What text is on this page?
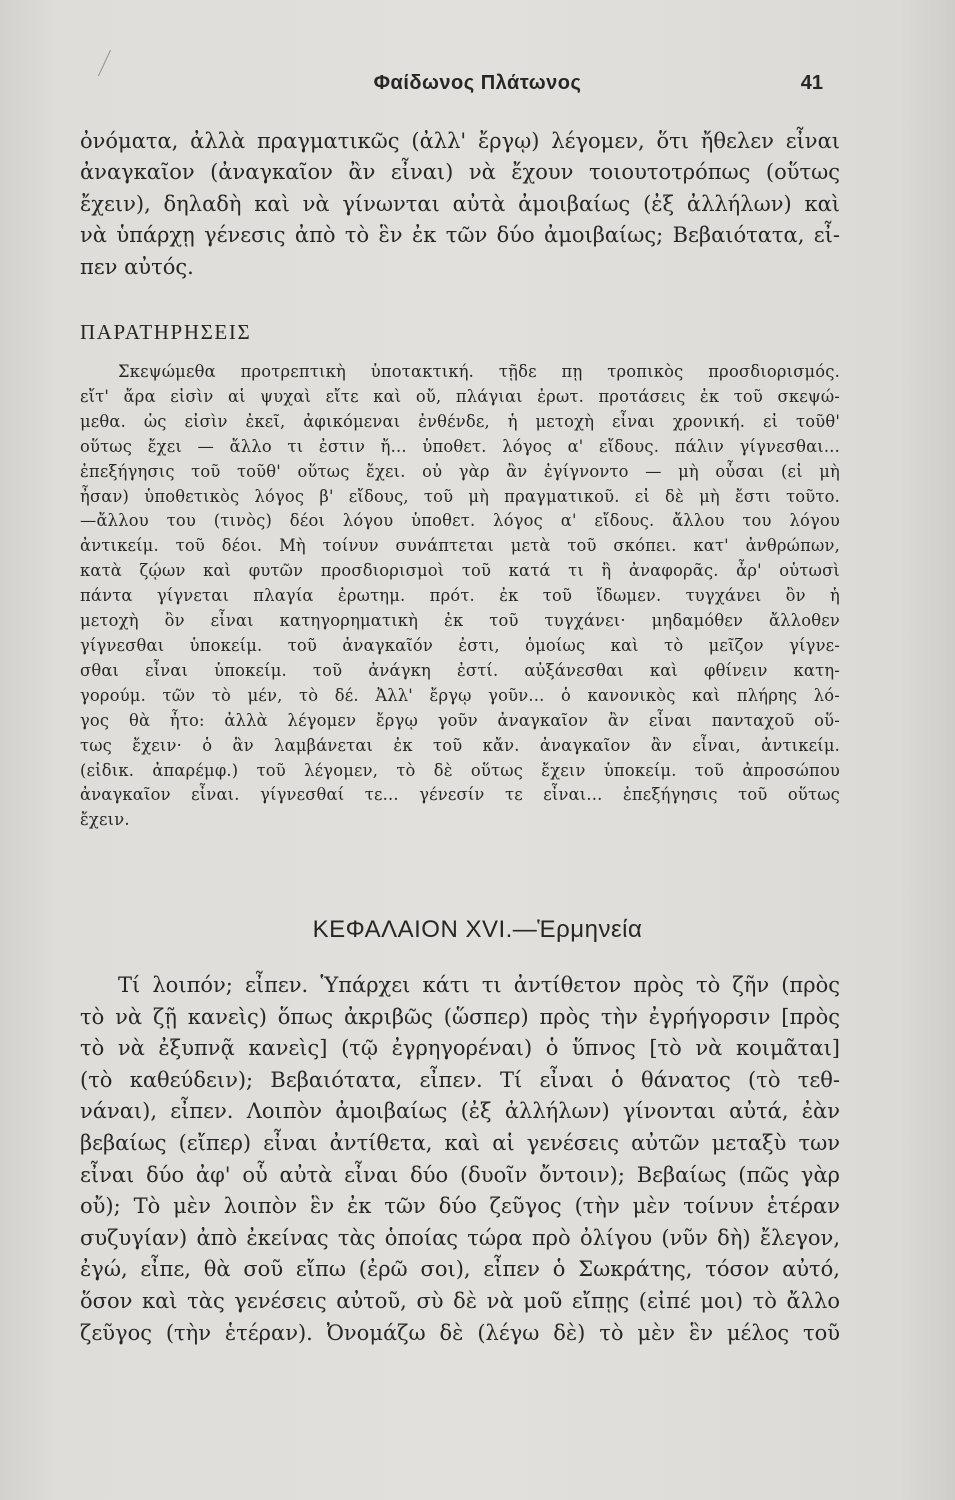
Φαίδωνος Πλάτωνος	41
ὀνόματα, ἀλλὰ πραγματικῶς (ἀλλ' ἔργῳ) λέγομεν, ὅτι ἤθελεν εἶναι
ἀναγκαῖον (ἀναγκαῖον ἂν εἶναι) νὰ ἔχουν τοιουτοτρόπως (οὕτως
ἔχειν), δηλαδὴ καὶ νὰ γίνωνται αὐτὰ ἀμοιβαίως (ἐξ ἀλλήλων) καὶ
νὰ ὑπάρχῃ γένεσις ἀπὸ τὸ ἓν ἐκ τῶν δύο ἀμοιβαίως; Βεβαιότατα, εἶ-
πεν αὐτός.
ΠΑΡΑΤΗΡΗΣΕΙΣ
Σκεψώμεθα προτρεπτικὴ ὑποτακτική. τῇδε πῃ τροπικὸς προσδιορισμός.
εἴτ' ἄρα εἰσὶν αἱ ψυχαὶ εἴτε καὶ οὔ, πλάγιαι ἐρωτ. προτάσεις ἐκ τοῦ σκεψώ-
μεθα. ὡς εἰσὶν ἐκεῖ, ἀφικόμεναι ἐνθένδε, ἡ μετοχὴ εἶναι χρονική. εἰ τοῦθ'
οὕτως ἔχει — ἄλλο τι ἐστιν ἤ... ὑποθετ. λόγος α' εἴδους. πάλιν γίγνεσθαι...
ἐπεξήγησις τοῦ τοῦθ' οὕτως ἔχει. οὐ γὰρ ἂν ἐγίγνοντο — μὴ οὖσαι (εἰ μὴ
ἦσαν) ὑποθετικὸς λόγος β' εἴδους, τοῦ μὴ πραγματικοῦ. εἰ δὲ μὴ ἔστι τοῦτο.
—ἄλλου του (τινὸς) δέοι λόγου ὑποθετ. λόγος α' εἴδους. ἄλλου του λόγου
ἀντικείμ. τοῦ δέοι. Μὴ τοίνυν συνάπτεται μετὰ τοῦ σκόπει. κατ' ἀνθρώπων,
κατὰ ζῴων καὶ φυτῶν προσδιορισμοὶ τοῦ κατά τι ἢ ἀναφορᾶς. ἆρ' οὑτωσὶ
πάντα γίγνεται πλαγία ἐρωτημ. πρότ. ἐκ τοῦ ἴδωμεν. τυγχάνει ὂν ἡ
μετοχὴ ὂν εἶναι κατηγορηματικὴ ἐκ τοῦ τυγχάνει· μηδαμόθεν ἄλλοθεν
γίγνεσθαι ὑποκείμ. τοῦ ἀναγκαῖόν ἐστι, ὁμοίως καὶ τὸ μεῖζον γίγνε-
σθαι εἶναι ὑποκείμ. τοῦ ἀνάγκη ἐστί. αὐξάνεσθαι καὶ φθίνειν κατη-
γορούμ. τῶν τὸ μέν, τὸ δέ. Ἀλλ' ἔργῳ γοῦν... ὁ κανονικὸς καὶ πλήρης λό-
γος θὰ ἦτο: ἀλλὰ λέγομεν ἔργῳ γοῦν ἀναγκαῖον ἂν εἶναι πανταχοῦ οὕ-
τως ἔχειν· ὁ ἂν λαμβάνεται ἐκ τοῦ κἄν. ἀναγκαῖον ἂν εἶναι, ἀντικείμ.
(εἰδικ. ἀπαρέμφ.) τοῦ λέγομεν, τὸ δὲ οὕτως ἔχειν ὑποκείμ. τοῦ ἀπροσώπου
ἀναγκαῖον εἶναι. γίγνεσθαί τε... γένεσίν τε εἶναι... ἐπεξήγησις τοῦ οὕτως
ἔχειν.
ΚΕΦΑΛΑΙΟΝ XVI.—Ἑρμηνεία
Τί λοιπόν; εἶπεν. Ὑπάρχει κάτι τι ἀντίθετον πρὸς τὸ ζῆν (πρὸς
τὸ νὰ ζῇ κανεὶς) ὅπως ἀκριβῶς (ὥσπερ) πρὸς τὴν ἐγρήγορσιν [πρὸς
τὸ νὰ ἐξυπνᾷ κανεὶς] (τῷ ἐγρηγορέναι) ὁ ὕπνος [τὸ νὰ κοιμᾶται]
(τὸ καθεύδειν); Βεβαιότατα, εἶπεν. Τί εἶναι ὁ θάνατος (τὸ τεθ-
νάναι), εἶπεν. Λοιπὸν ἀμοιβαίως (ἐξ ἀλλήλων) γίνονται αὐτά, ἐὰν
βεβαίως (εἴπερ) εἶναι ἀντίθετα, καὶ αἱ γενέσεις αὐτῶν μεταξὺ των
εἶναι δύο ἀφ' οὗ αὐτὰ εἶναι δύο (δυοῖν ὄντοιν); Βεβαίως (πῶς γὰρ
οὔ); Τὸ μὲν λοιπὸν ἓν ἐκ τῶν δύο ζεῦγος (τὴν μὲν τοίνυν ἑτέραν
συζυγίαν) ἀπὸ ἐκείνας τὰς ὁποίας τώρα πρὸ ὀλίγου (νῦν δὴ) ἔλεγον,
ἐγώ, εἶπε, θὰ σοῦ εἴπω (ἐρῶ σοι), εἶπεν ὁ Σωκράτης, τόσον αὐτό,
ὅσον καὶ τὰς γενέσεις αὐτοῦ, σὺ δὲ νὰ μοῦ εἴπῃς (εἰπέ μοι) τὸ ἄλλο
ζεῦγος (τὴν ἑτέραν). Ὀνομάζω δὲ (λέγω δὲ) τὸ μὲν ἓν μέλος τοῦ
